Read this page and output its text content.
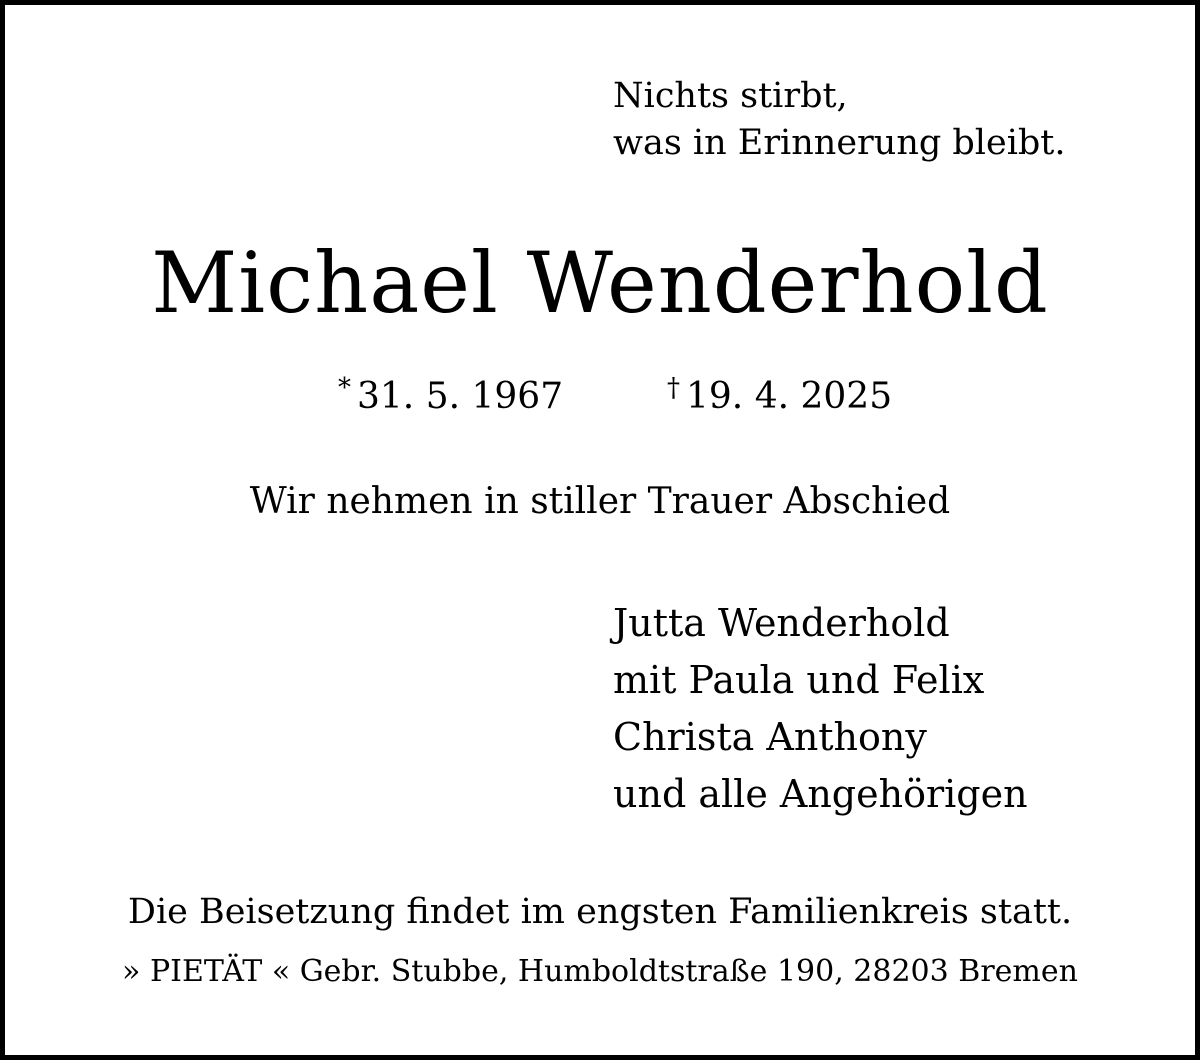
Nichts stirbt,
was in Erinnerung bleibt.
Michael Wenderhold
* 31. 5. 1967	† 19. 4. 2025
Wir nehmen in stiller Trauer Abschied
Jutta Wenderhold
mit Paula und Felix
Christa Anthony
und alle Angehörigen
Die Beisetzung findet im engsten Familienkreis statt.
» PIETÄT « Gebr. Stubbe, Humboldtstraße 190, 28203 Bremen
